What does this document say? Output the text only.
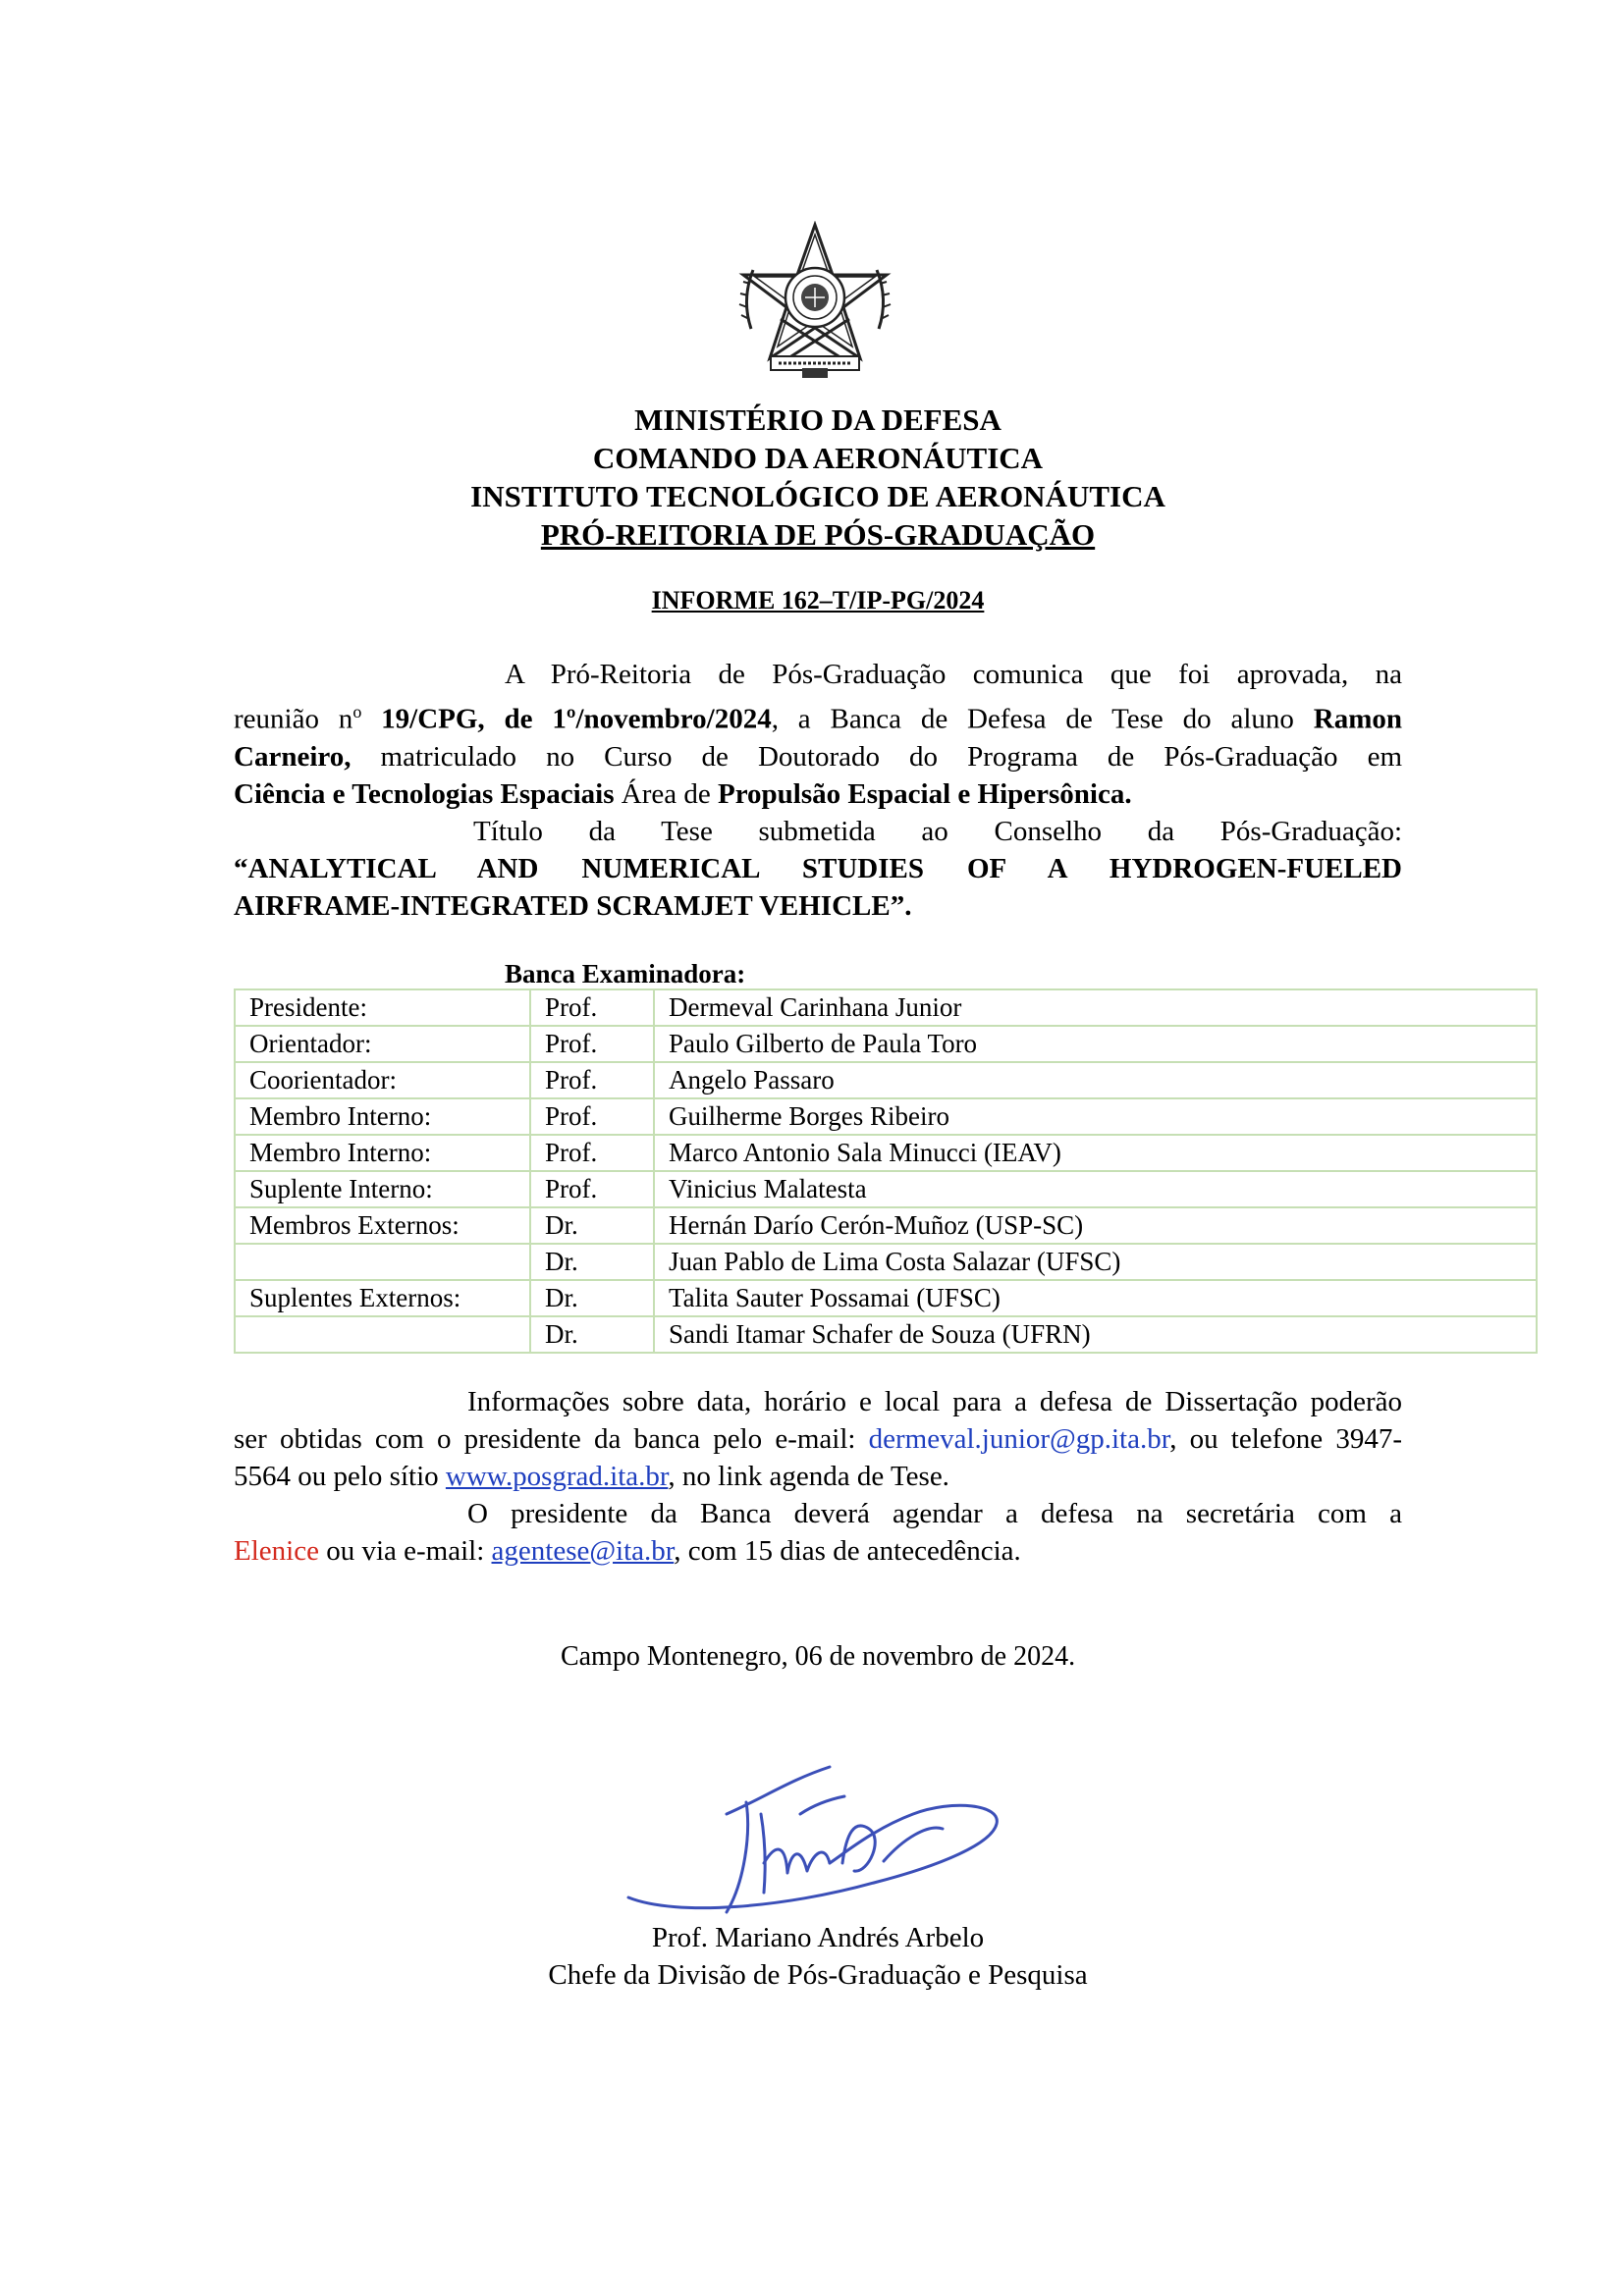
MINISTÉRIO DA DEFESA
COMANDO DA AERONÁUTICA
INSTITUTO TECNOLÓGICO DE AERONÁUTICA
PRÓ-REITORIA DE PÓS-GRADUAÇÃO
INFORME 162–T/IP-PG/2024
A Pró-Reitoria de Pós-Graduação comunica que foi aprovada, na
reunião $n^o$ 19/CPG, de 1º/novembro/2024, a Banca de Defesa de Tese do aluno Ramon
Carneiro, matriculado no Curso de Doutorado do Programa de Pós-Graduação em
Ciência e Tecnologias Espaciais Área de Propulsão Espacial e Hipersônica.
Título da Tese submetida ao Conselho da Pós-Graduação:
“ANALYTICAL AND NUMERICAL STUDIES OF A HYDROGEN-FUELED
AIRFRAME-INTEGRATED SCRAMJET VEHICLE”.
Banca Examinadora:
Presidente:	Prof.	Dermeval Carinhana Junior
Orientador:	Prof.	Paulo Gilberto de Paula Toro
Coorientador:	Prof.	Angelo Passaro
Membro Interno:	Prof.	Guilherme Borges Ribeiro
Membro Interno:	Prof.	Marco Antonio Sala Minucci (IEAV)
Suplente Interno:	Prof.	Vinicius Malatesta
Membros Externos:	Dr.	Hernán Darío Cerón-Muñoz (USP-SC)
	Dr.	Juan Pablo de Lima Costa Salazar (UFSC)
Suplentes Externos:	Dr.	Talita Sauter Possamai (UFSC)
	Dr.	Sandi Itamar Schafer de Souza (UFRN)
Informações sobre data, horário e local para a defesa de Dissertação poderão
ser obtidas com o presidente da banca pelo e-mail: dermeval.junior@gp.ita.br, ou telefone 3947-
5564 ou pelo sítio www.posgrad.ita.br, no link agenda de Tese.
O presidente da Banca deverá agendar a defesa na secretária com a
Elenice ou via e-mail: agentese@ita.br, com 15 dias de antecedência.
Campo Montenegro, 06 de novembro de 2024.
Prof. Mariano Andrés Arbelo
Chefe da Divisão de Pós-Graduação e Pesquisa
